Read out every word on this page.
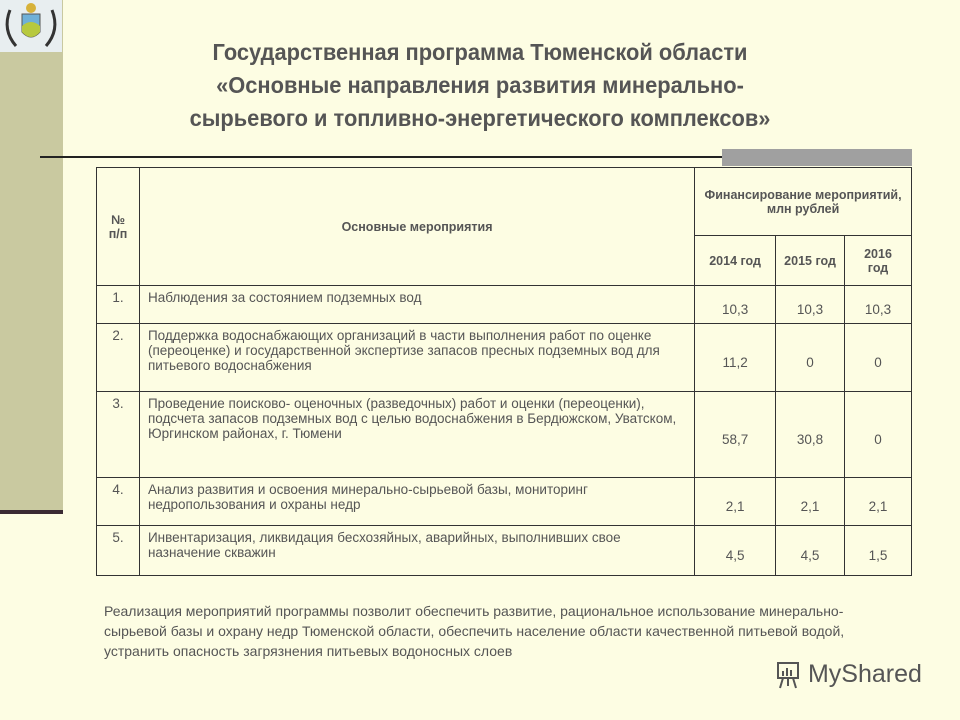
Государственная программа Тюменской области
«Основные направления развития минерально-
сырьевого и топливно-энергетического комплексов»
№ п/п	Основные мероприятия	Финансирование мероприятий, млн рублей		
		2014 год	2015 год	2016 год
1.	Наблюдения за состоянием подземных вод	10,3	10,3	10,3
2.	Поддержка водоснабжающих организаций в части выполнения работ по оценке (переоценке) и государственной экспертизе запасов пресных подземных вод для питьевого водоснабжения	11,2	0	0
3.	Проведение поисково- оценочных (разведочных) работ и оценки (переоценки), подсчета запасов подземных вод с целью водоснабжения в Бердюжском, Уватском, Юргинском районах, г. Тюмени	58,7	30,8	0
4.	Анализ развития и освоения минерально-сырьевой базы, мониторинг недропользования и охраны недр	2,1	2,1	2,1
5.	Инвентаризация, ликвидация бесхозяйных, аварийных, выполнивших свое назначение скважин	4,5	4,5	1,5
Реализация мероприятий программы позволит обеспечить развитие, рациональное использование минерально-сырьевой базы и охрану недр Тюменской области, обеспечить население области качественной питьевой водой, устранить опасность загрязнения питьевых водоносных слоев
MyShared
